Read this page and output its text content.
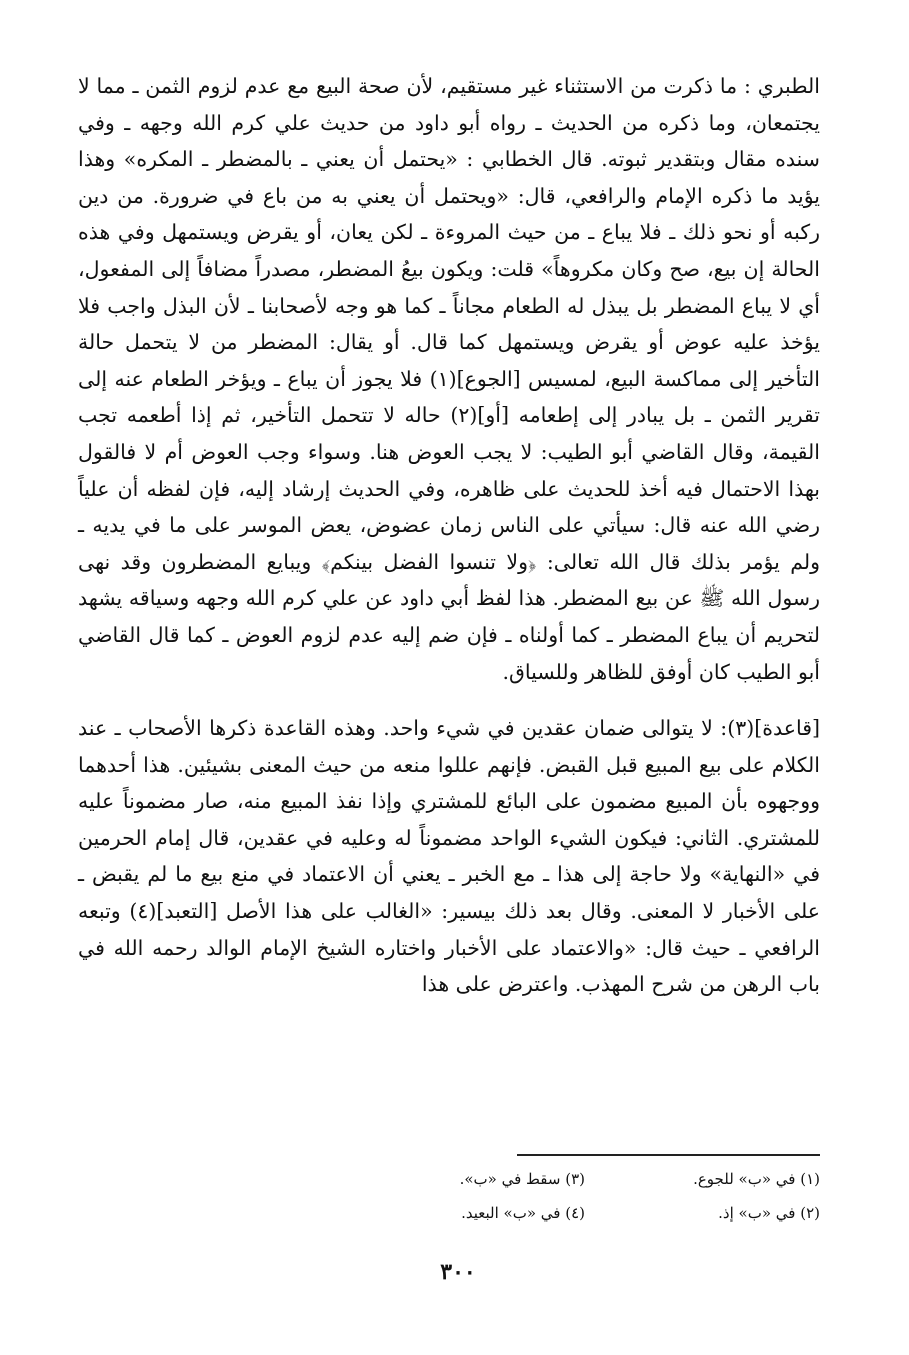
الطبري : ما ذكرت من الاستثناء غير مستقيم، لأن صحة البيع مع عدم لزوم الثمن ـ مما لا يجتمعان، وما ذكره من الحديث ـ رواه أبو داود من حديث علي كرم الله وجهه ـ وفي سنده مقال وبتقدير ثبوته. قال الخطابي : «يحتمل أن يعني ـ بالمضطر ـ المكره» وهذا يؤيد ما ذكره الإمام والرافعي، قال: «ويحتمل أن يعني به من باع في ضرورة. من دين ركبه أو نحو ذلك ـ فلا يباع ـ من حيث المروءة ـ لكن يعان، أو يقرض ويستمهل وفي هذه الحالة إن بيع، صح وكان مكروهاً» قلت: ويكون بيعُ المضطر، مصدراً مضافاً إلى المفعول، أي لا يباع المضطر بل يبذل له الطعام مجاناً ـ كما هو وجه لأصحابنا ـ لأن البذل واجب فلا يؤخذ عليه عوض أو يقرض ويستمهل كما قال. أو يقال: المضطر من لا يتحمل حالة التأخير إلى مماكسة البيع، لمسيس [الجوع](١) فلا يجوز أن يباع ـ ويؤخر الطعام عنه إلى تقرير الثمن ـ بل يبادر إلى إطعامه [أو](٢) حاله لا تتحمل التأخير، ثم إذا أطعمه تجب القيمة، وقال القاضي أبو الطيب: لا يجب العوض هنا. وسواء وجب العوض أم لا فالقول بهذا الاحتمال فيه أخذ للحديث على ظاهره، وفي الحديث إرشاد إليه، فإن لفظه أن علياً رضي الله عنه قال: سيأتي على الناس زمان عضوض، يعض الموسر على ما في يديه ـ ولم يؤمر بذلك قال الله تعالى: ﴿ولا تنسوا الفضل بينكم﴾ ويبايع المضطرون وقد نهى رسول الله ﷺ عن بيع المضطر. هذا لفظ أبي داود عن علي كرم الله وجهه وسياقه يشهد لتحريم أن يباع المضطر ـ كما أولناه ـ فإن ضم إليه عدم لزوم العوض ـ كما قال القاضي أبو الطيب كان أوفق للظاهر وللسياق.

[قاعدة](٣): لا يتوالى ضمان عقدين في شيء واحد. وهذه القاعدة ذكرها الأصحاب ـ عند الكلام على بيع المبيع قبل القبض. فإنهم عللوا منعه من حيث المعنى بشيئين. هذا أحدهما ووجهوه بأن المبيع مضمون على البائع للمشتري وإذا نفذ المبيع منه، صار مضموناً عليه للمشتري. الثاني: فيكون الشيء الواحد مضموناً له وعليه في عقدين، قال إمام الحرمين في «النهاية» ولا حاجة إلى هذا ـ مع الخبر ـ يعني أن الاعتماد في منع بيع ما لم يقبض ـ على الأخبار لا المعنى. وقال بعد ذلك بيسير: «الغالب على هذا الأصل [التعبد](٤) وتبعه الرافعي ـ حيث قال: «والاعتماد على الأخبار واختاره الشيخ الإمام الوالد رحمه الله في باب الرهن من شرح المهذب. واعترض على هذا

(١) في «ب» للجوع.
(٢) في «ب» إذ.
(٣) سقط في «ب».
(٤) في «ب» البعيد.
٣٠٠
